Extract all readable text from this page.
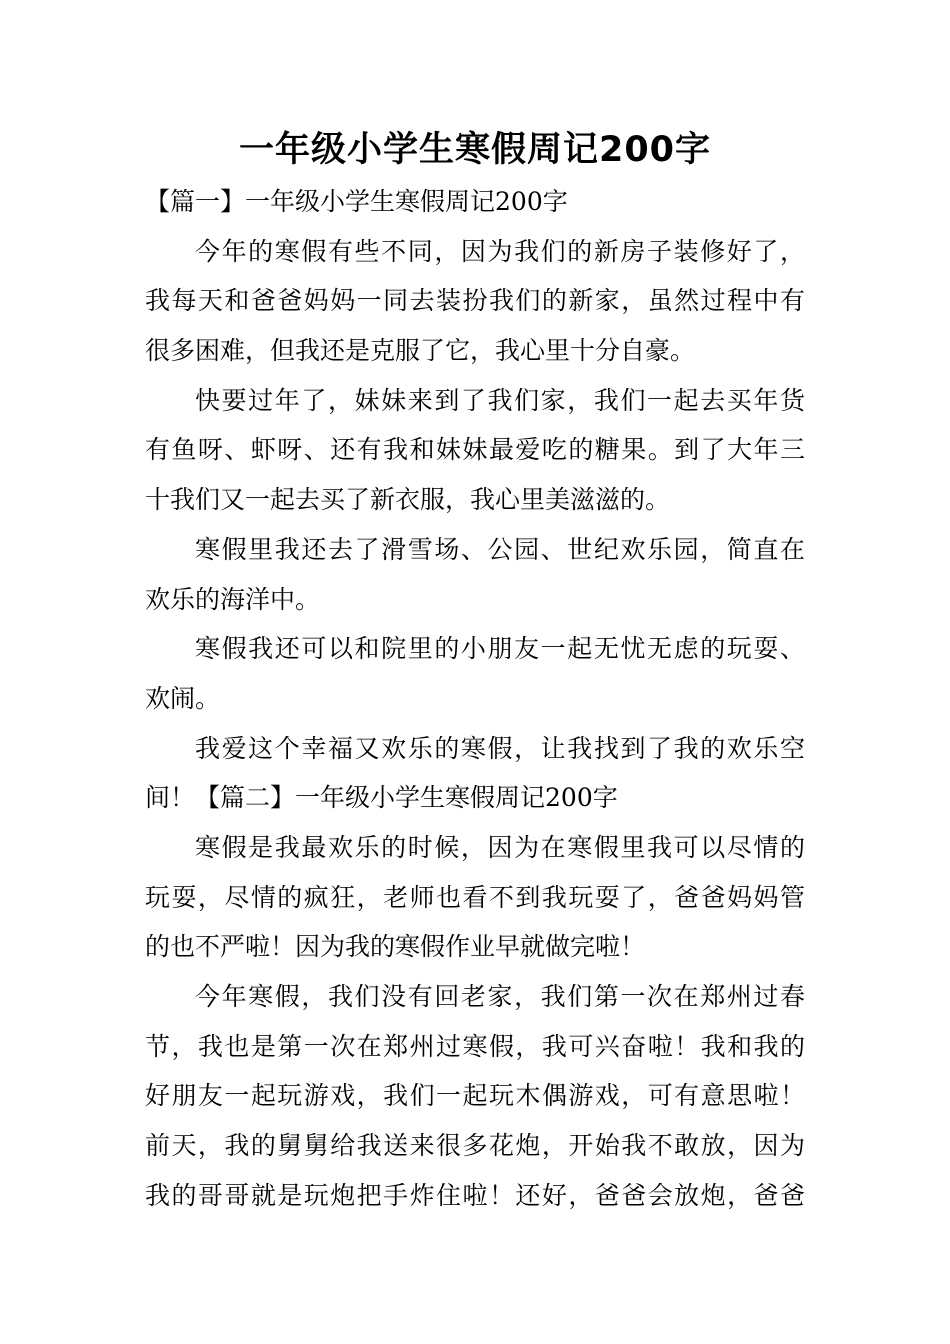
一年级小学生寒假周记200字
【篇一】一年级小学生寒假周记200字
今年的寒假有些不同，因为我们的新房子装修好了，
我每天和爸爸妈妈一同去装扮我们的新家，虽然过程中有
很多困难，但我还是克服了它，我心里十分自豪。
快要过年了，妹妹来到了我们家，我们一起去买年货
有鱼呀、虾呀、还有我和妹妹最爱吃的糖果。到了大年三
十我们又一起去买了新衣服，我心里美滋滋的。
寒假里我还去了滑雪场、公园、世纪欢乐园，简直在
欢乐的海洋中。
寒假我还可以和院里的小朋友一起无忧无虑的玩耍、
欢闹。
我爱这个幸福又欢乐的寒假，让我找到了我的欢乐空
间！【篇二】一年级小学生寒假周记200字
寒假是我最欢乐的时候，因为在寒假里我可以尽情的
玩耍，尽情的疯狂，老师也看不到我玩耍了，爸爸妈妈管
的也不严啦！因为我的寒假作业早就做完啦！
今年寒假，我们没有回老家，我们第一次在郑州过春
节，我也是第一次在郑州过寒假，我可兴奋啦！我和我的
好朋友一起玩游戏，我们一起玩木偶游戏，可有意思啦！
前天，我的舅舅给我送来很多花炮，开始我不敢放，因为
我的哥哥就是玩炮把手炸住啦！还好，爸爸会放炮，爸爸
